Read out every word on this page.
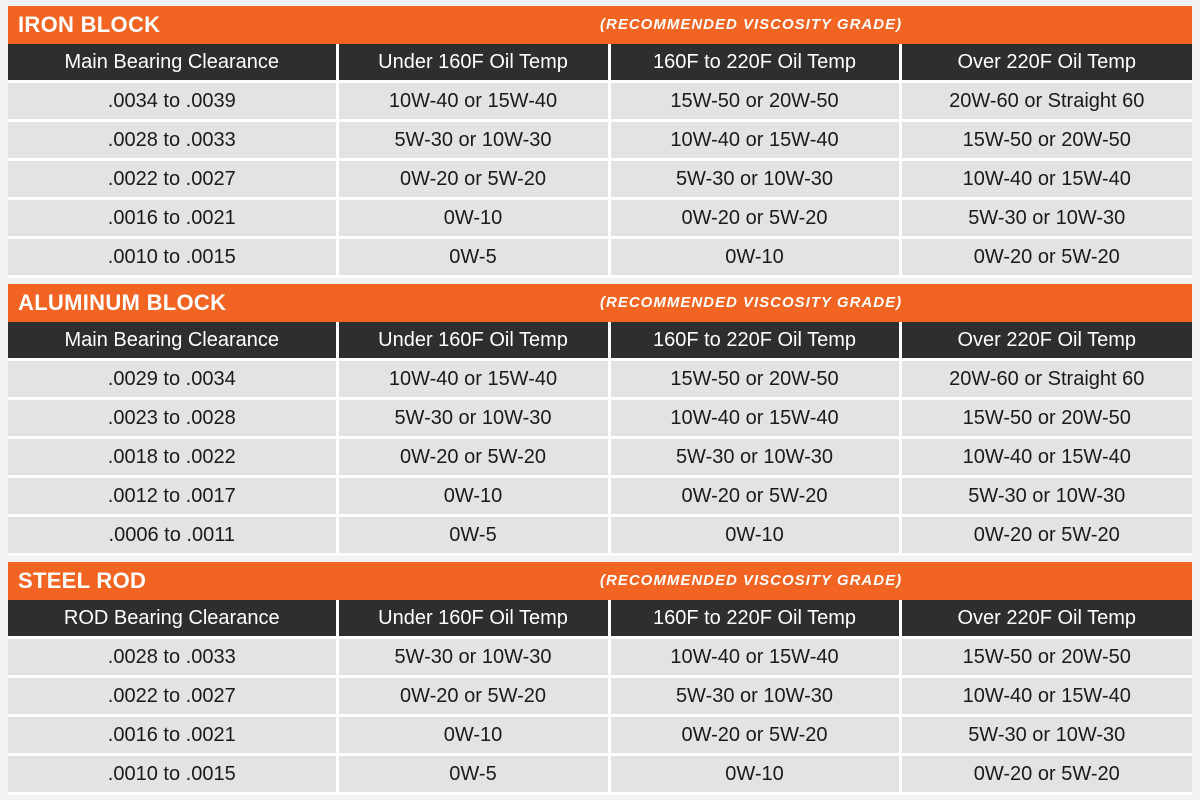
IRON BLOCK	(RECOMMENDED VISCOSITY GRADE)
Main Bearing Clearance	Under 160F Oil Temp	160F to 220F Oil Temp	Over 220F Oil Temp
.0034 to .0039	10W-40 or 15W-40	15W-50 or 20W-50	20W-60 or Straight 60
.0028 to .0033	5W-30 or 10W-30	10W-40 or 15W-40	15W-50 or 20W-50
.0022 to .0027	0W-20 or 5W-20	5W-30 or 10W-30	10W-40 or 15W-40
.0016 to .0021	0W-10	0W-20 or 5W-20	5W-30 or 10W-30
.0010 to .0015	0W-5	0W-10	0W-20 or 5W-20
ALUMINUM BLOCK	(RECOMMENDED VISCOSITY GRADE)
Main Bearing Clearance	Under 160F Oil Temp	160F to 220F Oil Temp	Over 220F Oil Temp
.0029 to .0034	10W-40 or 15W-40	15W-50 or 20W-50	20W-60 or Straight 60
.0023 to .0028	5W-30 or 10W-30	10W-40 or 15W-40	15W-50 or 20W-50
.0018 to .0022	0W-20 or 5W-20	5W-30 or 10W-30	10W-40 or 15W-40
.0012 to .0017	0W-10	0W-20 or 5W-20	5W-30 or 10W-30
.0006 to .0011	0W-5	0W-10	0W-20 or 5W-20
STEEL ROD	(RECOMMENDED VISCOSITY GRADE)
ROD Bearing Clearance	Under 160F Oil Temp	160F to 220F Oil Temp	Over 220F Oil Temp
.0028 to .0033	5W-30 or 10W-30	10W-40 or 15W-40	15W-50 or 20W-50
.0022 to .0027	0W-20 or 5W-20	5W-30 or 10W-30	10W-40 or 15W-40
.0016 to .0021	0W-10	0W-20 or 5W-20	5W-30 or 10W-30
.0010 to .0015	0W-5	0W-10	0W-20 or 5W-20
